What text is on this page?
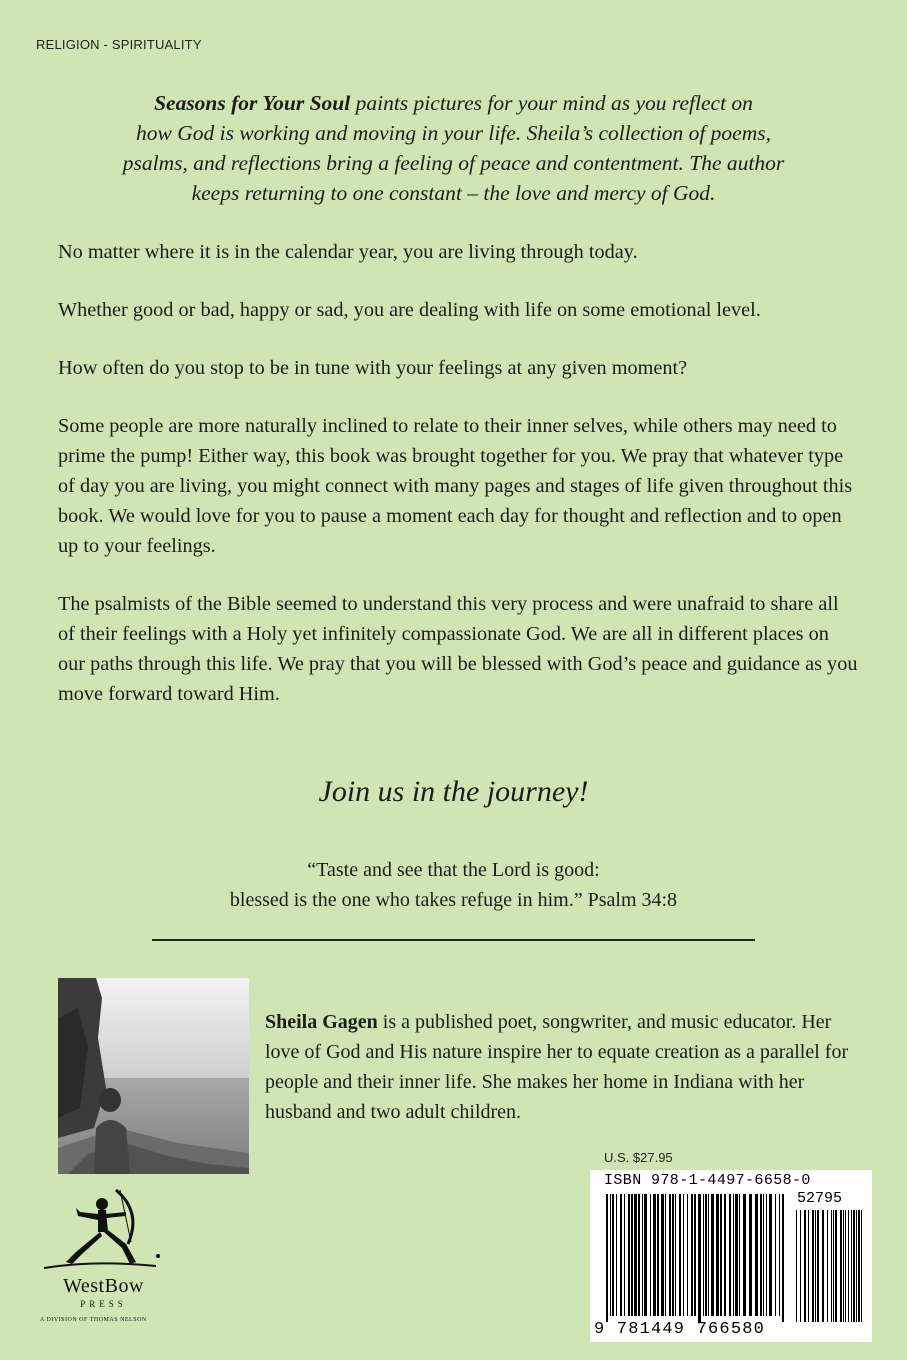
RELIGION - SPIRITUALITY
Seasons for Your Soul paints pictures for your mind as you reflect on
how God is working and moving in your life. Sheila’s collection of poems,
psalms, and reflections bring a feeling of peace and contentment. The author
keeps returning to one constant – the love and mercy of God.

No matter where it is in the calendar year, you are living through today.

Whether good or bad, happy or sad, you are dealing with life on some emotional level.

How often do you stop to be in tune with your feelings at any given moment?

Some people are more naturally inclined to relate to their inner selves, while others may need to prime the pump! Either way, this book was brought together for you. We pray that whatever type of day you are living, you might connect with many pages and stages of life given throughout this book. We would love for you to pause a moment each day for thought and reflection and to open up to your feelings.

The psalmists of the Bible seemed to understand this very process and were unafraid to share all of their feelings with a Holy yet infinitely compassionate God. We are all in different places on our paths through this life. We pray that you will be blessed with God’s peace and guidance as you move forward toward Him.

Join us in the journey!
“Taste and see that the Lord is good:
blessed is the one who takes refuge in him.” Psalm 34:8
Sheila Gagen is a published poet, songwriter, and music educator. Her love of God and His nature inspire her to equate creation as a parallel for people and their inner life. She makes her home in Indiana with her husband and two adult children.
U.S. $27.95
ISBN 978-1-4497-6658-0
52795
9 781449 766580
WestBow
PRESS
A DIVISION OF THOMAS NELSON
